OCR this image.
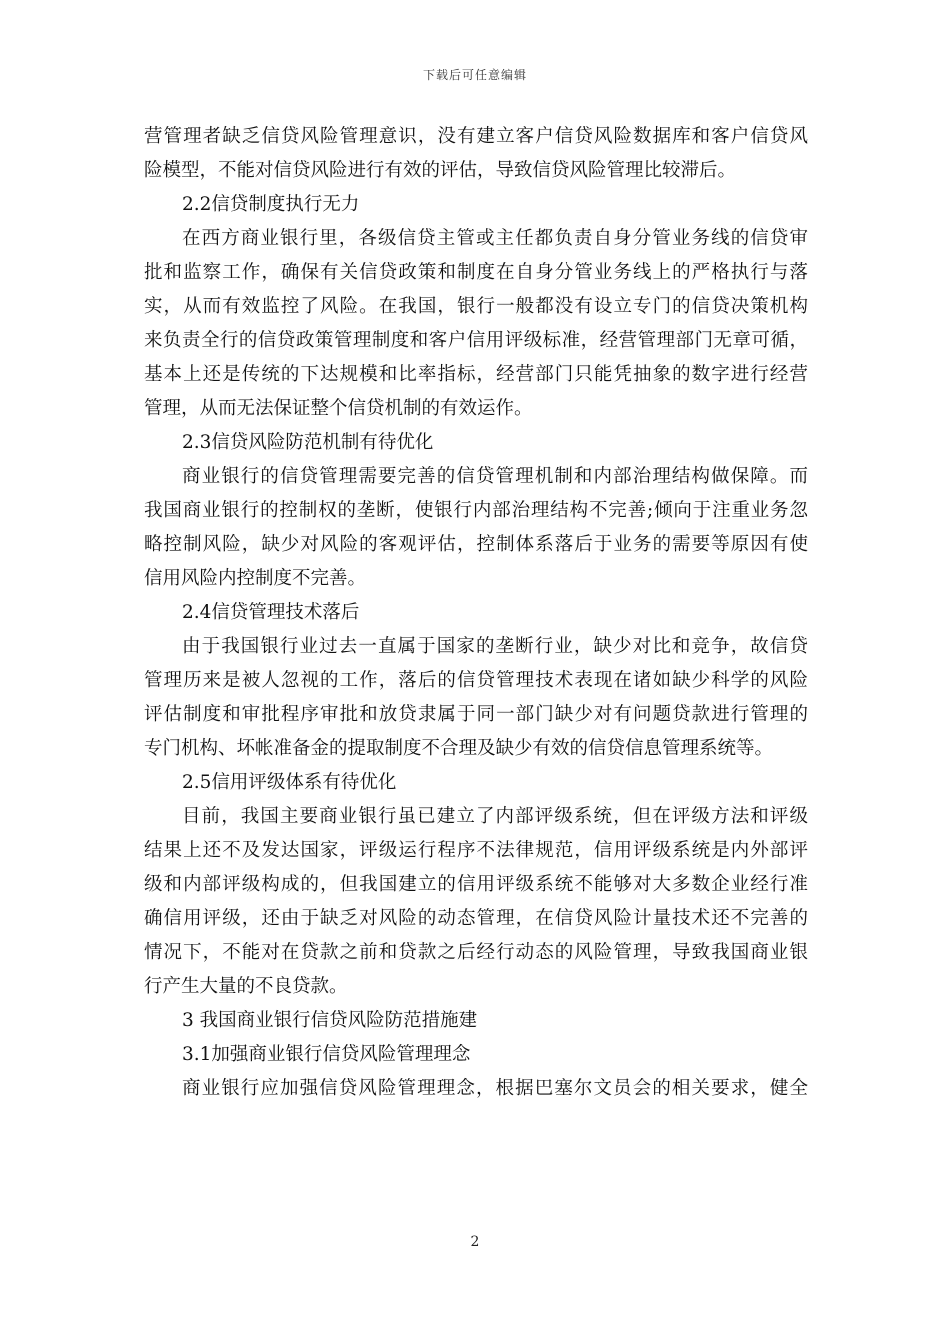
下载后可任意编辑
营管理者缺乏信贷风险管理意识，没有建立客户信贷风险数据库和客户信贷风
险模型，不能对信贷风险进行有效的评估，导致信贷风险管理比较滞后。
2.2信贷制度执行无力
在西方商业银行里，各级信贷主管或主任都负责自身分管业务线的信贷审
批和监察工作，确保有关信贷政策和制度在自身分管业务线上的严格执行与落
实，从而有效监控了风险。在我国，银行一般都没有设立专门的信贷决策机构
来负责全行的信贷政策管理制度和客户信用评级标准，经营管理部门无章可循，
基本上还是传统的下达规模和比率指标，经营部门只能凭抽象的数字进行经营
管理，从而无法保证整个信贷机制的有效运作。
2.3信贷风险防范机制有待优化
商业银行的信贷管理需要完善的信贷管理机制和内部治理结构做保障。而
我国商业银行的控制权的垄断，使银行内部治理结构不完善;倾向于注重业务忽
略控制风险，缺少对风险的客观评估，控制体系落后于业务的需要等原因有使
信用风险内控制度不完善。
2.4信贷管理技术落后
由于我国银行业过去一直属于国家的垄断行业，缺少对比和竞争，故信贷
管理历来是被人忽视的工作，落后的信贷管理技术表现在诸如缺少科学的风险
评估制度和审批程序审批和放贷隶属于同一部门缺少对有问题贷款进行管理的
专门机构、坏帐准备金的提取制度不合理及缺少有效的信贷信息管理系统等。
2.5信用评级体系有待优化
目前，我国主要商业银行虽已建立了内部评级系统，但在评级方法和评级
结果上还不及发达国家，评级运行程序不法律规范，信用评级系统是内外部评
级和内部评级构成的，但我国建立的信用评级系统不能够对大多数企业经行准
确信用评级，还由于缺乏对风险的动态管理，在信贷风险计量技术还不完善的
情况下，不能对在贷款之前和贷款之后经行动态的风险管理，导致我国商业银
行产生大量的不良贷款。
3 我国商业银行信贷风险防范措施建
3.1加强商业银行信贷风险管理理念
商业银行应加强信贷风险管理理念，根据巴塞尔文员会的相关要求，健全
2
